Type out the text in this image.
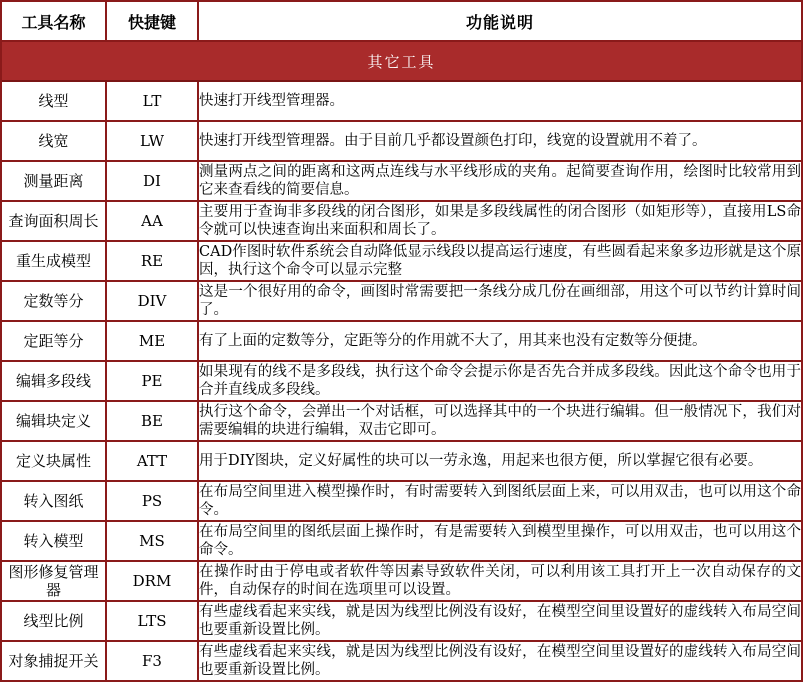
工具名称	快捷键	功能说明
其它工具		
线型	LT	快速打开线型管理器。
线宽	LW	快速打开线型管理器。由于目前几乎都设置颜色打印，线宽的设置就用不着了。
测量距离	DI	测量两点之间的距离和这两点连线与水平线形成的夹角。起简要查询作用，绘图时比较常用到它来查看线的简要信息。
查询面积周长	AA	主要用于查询非多段线的闭合图形，如果是多段线属性的闭合图形（如矩形等），直接用LS命令就可以快速查询出来面积和周长了。
重生成模型	RE	CAD作图时软件系统会自动降低显示线段以提高运行速度，有些圆看起来象多边形就是这个原因，执行这个命令可以显示完整
定数等分	DIV	这是一个很好用的命令，画图时常需要把一条线分成几份在画细部，用这个可以节约计算时间了。
定距等分	ME	有了上面的定数等分，定距等分的作用就不大了，用其来也没有定数等分便捷。
编辑多段线	PE	如果现有的线不是多段线，执行这个命令会提示你是否先合并成多段线。因此这个命令也用于合并直线成多段线。
编辑块定义	BE	执行这个命令，会弹出一个对话框，可以选择其中的一个块进行编辑。但一般情况下，我们对需要编辑的块进行编辑，双击它即可。
定义块属性	ATT	用于DIY图块，定义好属性的块可以一劳永逸，用起来也很方便，所以掌握它很有必要。
转入图纸	PS	在布局空间里进入模型操作时，有时需要转入到图纸层面上来，可以用双击，也可以用这个命令。
转入模型	MS	在布局空间里的图纸层面上操作时，有是需要转入到模型里操作，可以用双击，也可以用这个命令。
图形修复管理器	DRM	在操作时由于停电或者软件等因素导致软件关闭，可以利用该工具打开上一次自动保存的文件，自动保存的时间在选项里可以设置。
线型比例	LTS	有些虚线看起来实线，就是因为线型比例没有设好，在模型空间里设置好的虚线转入布局空间也要重新设置比例。
对象捕捉开关	F3	有些虚线看起来实线，就是因为线型比例没有设好，在模型空间里设置好的虚线转入布局空间也要重新设置比例。
